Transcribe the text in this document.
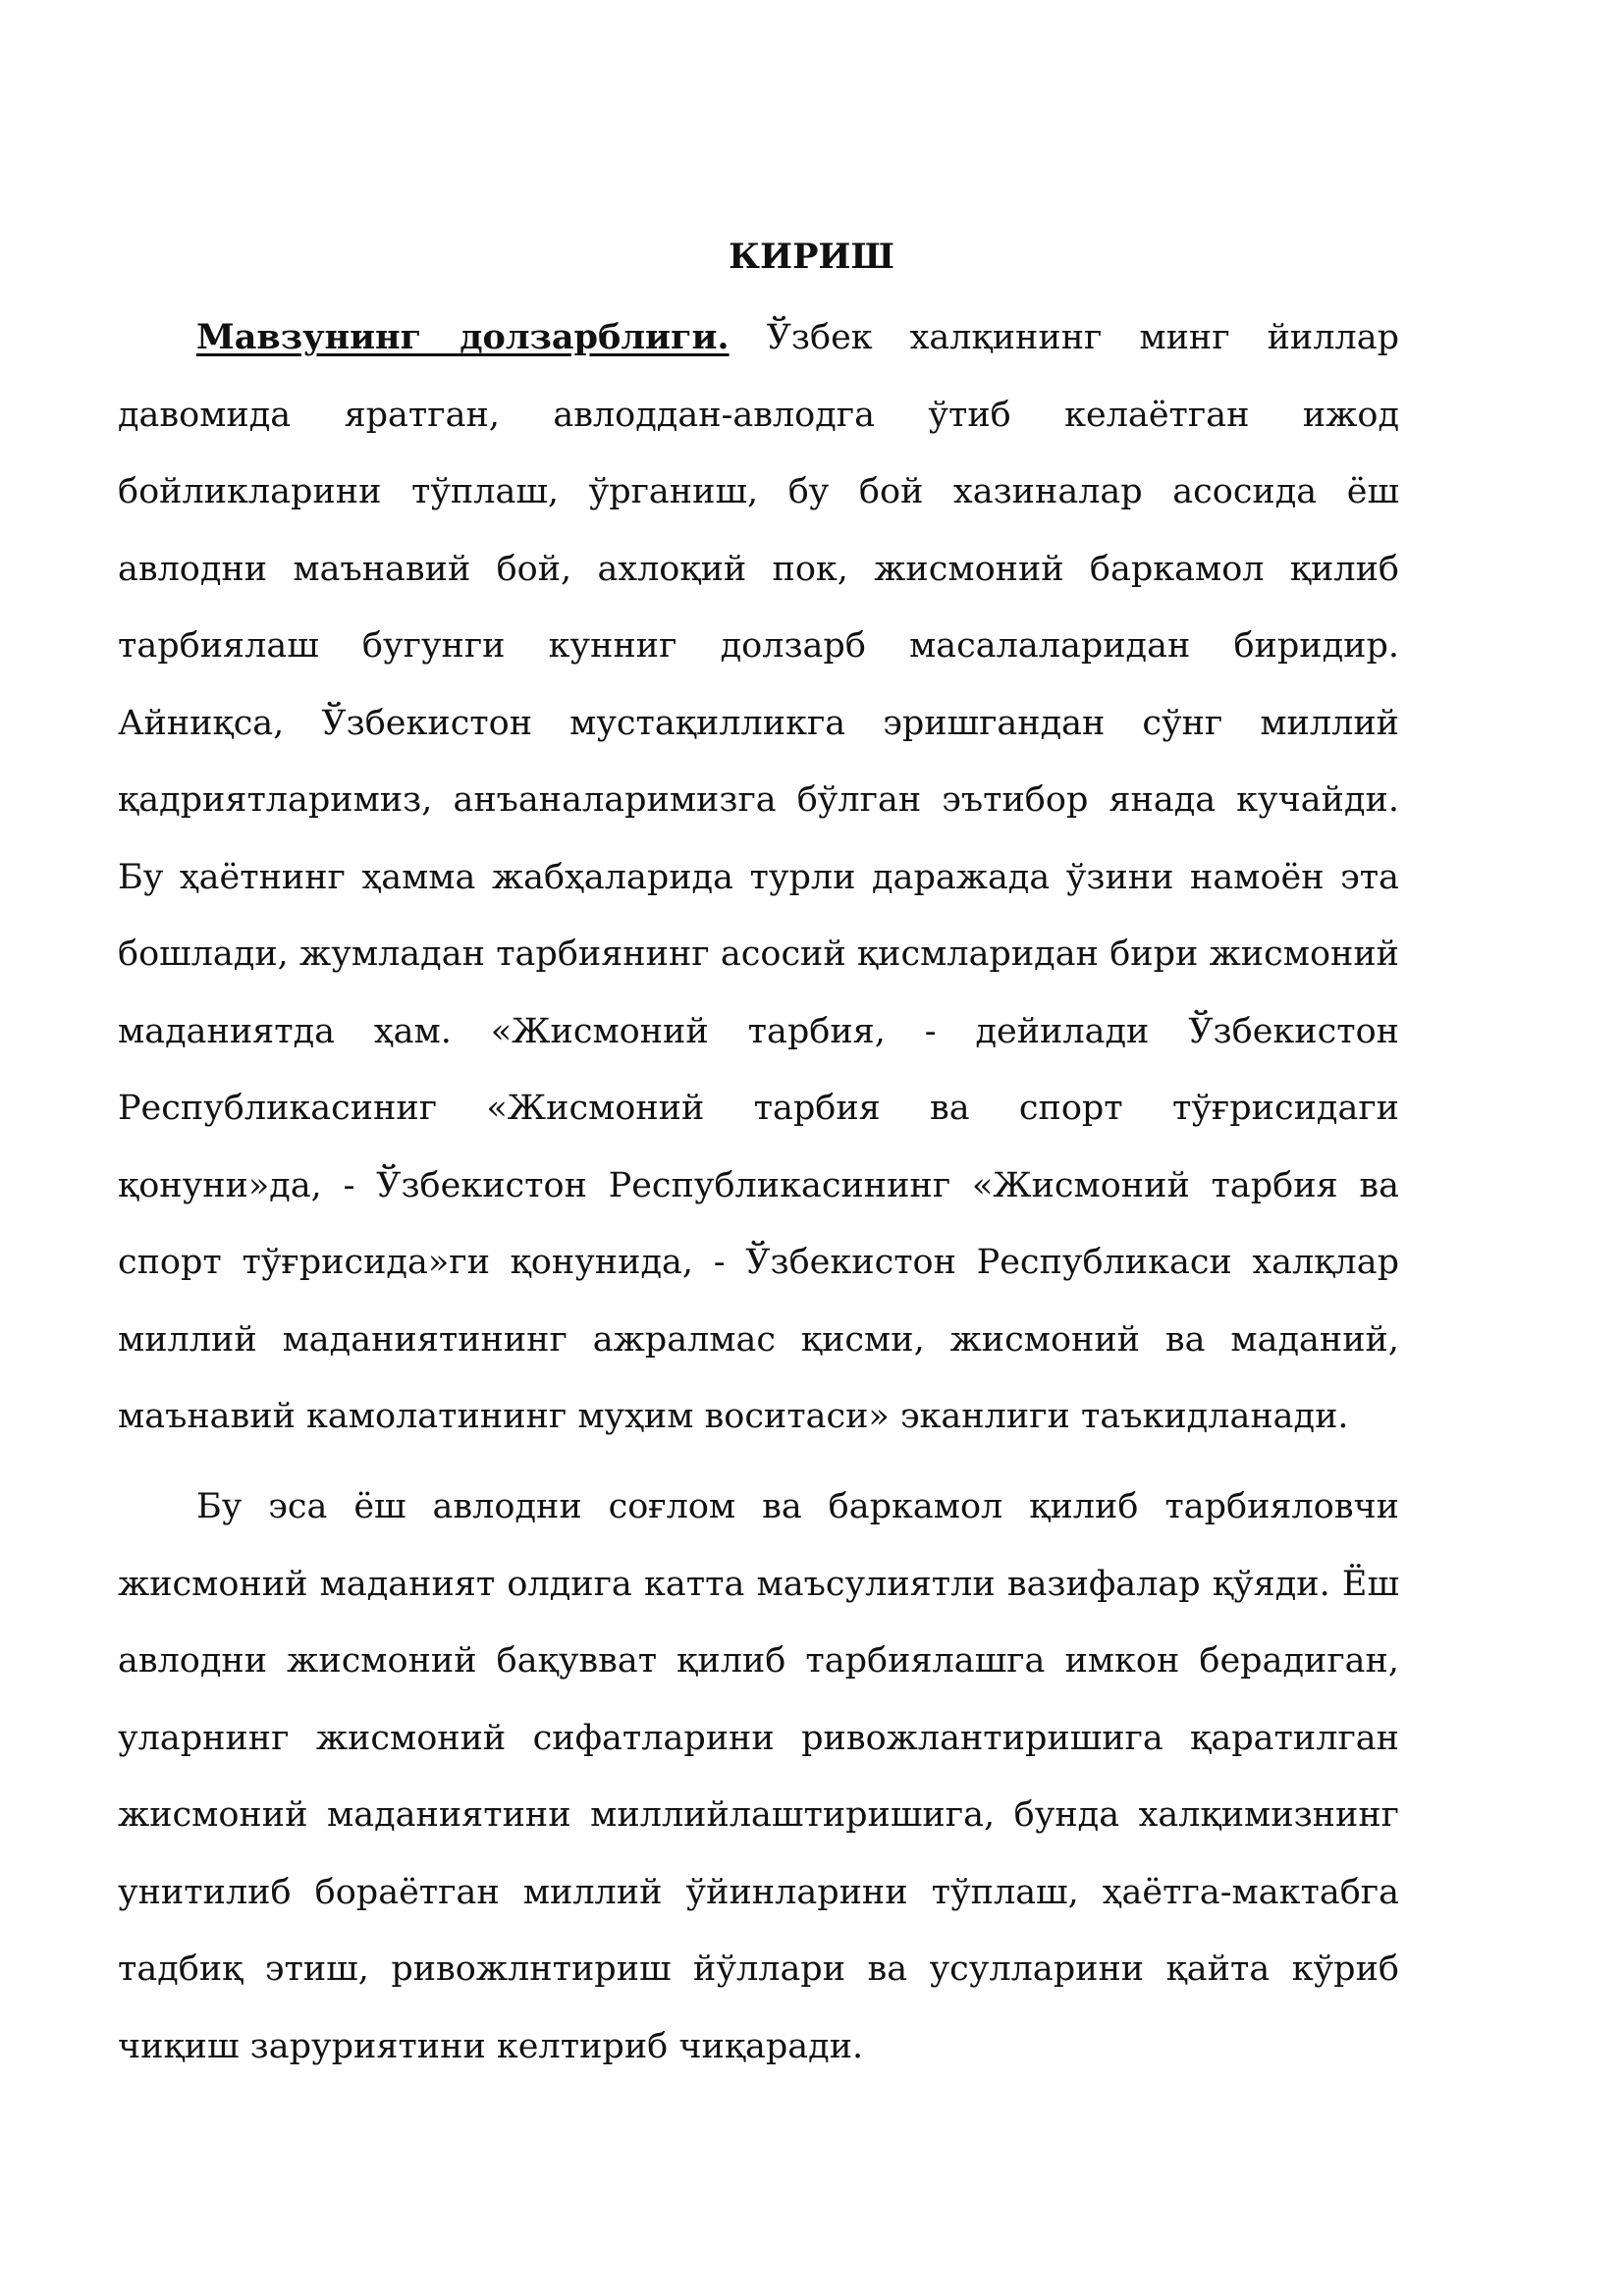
КИРИШ

Мавзунинг долзарблиги. Ўзбек халқининг минг йиллар давомида яратган, авлоддан-авлодга ўтиб келаётган ижод бойликларини тўплаш, ўрганиш, бу бой хазиналар асосида ёш авлодни маънавий бой, ахлоқий пок, жисмоний баркамол қилиб тарбиялаш бугунги кунниг долзарб масалаларидан биридир. Айниқса, Ўзбекистон мустақилликга эришгандан сўнг миллий қадриятларимиз, анъаналаримизга бўлган эътибор янада кучайди. Бу ҳаётнинг ҳамма жабҳаларида турли даражада ўзини намоён эта бошлади, жумладан тарбиянинг асосий қисмларидан бири жисмоний маданиятда ҳам. «Жисмоний тарбия, - дейилади Ўзбекистон Республикасиниг «Жисмоний тарбия ва спорт тўғрисидаги қонуни»да, - Ўзбекистон Республикасининг «Жисмоний тарбия ва спорт тўғрисида»ги қонунида, - Ўзбекистон Республикаси халқлар миллий маданиятининг ажралмас қисми, жисмоний ва маданий, маънавий камолатининг муҳим воситаси» эканлиги таъкидланади.

Бу эса ёш авлодни соғлом ва баркамол қилиб тарбияловчи жисмоний маданият олдига катта маъсулиятли вазифалар қўяди. Ёш авлодни жисмоний бақувват қилиб тарбиялашга имкон берадиган, уларнинг жисмоний сифатларини ривожлантиришига қаратилган жисмоний маданиятини миллийлаштиришига, бунда халқимизнинг унитилиб бораётган миллий ўйинларини тўплаш, ҳаётга-мактабга тадбиқ этиш, ривожлнтириш йўллари ва усулларини қайта кўриб чиқиш заруриятини келтириб чиқаради.
